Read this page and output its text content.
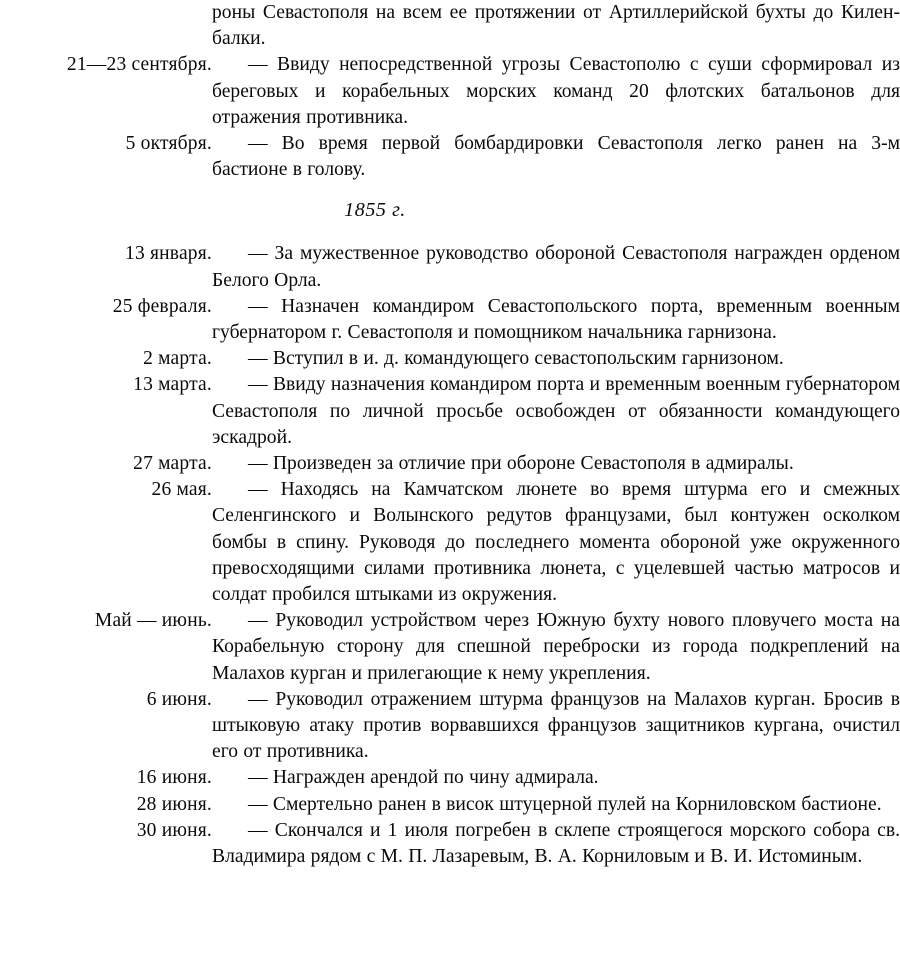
	роны Севастополя на всем ее протяжении от Артиллерийской бухты до Килен-балки.

21—23 сентября.	— Ввиду непосредственной угрозы Севастополю с суши сформировал из береговых и корабельных морских команд 20 флотских батальонов для отражения противника.

5 октября.	— Во время первой бомбардировки Севастополя легко ранен на 3-м бастионе в голову.

1855 г.	

13 января.	— За мужественное руководство обороной Севастополя награжден орденом Белого Орла.

25 февраля.	— Назначен командиром Севастопольского порта, временным военным губернатором г. Севастополя и помощником начальника гарнизона.

2 марта.	— Вступил в и. д. командующего севастопольским гарнизоном.

13 марта.	— Ввиду назначения командиром порта и временным военным губернатором Севастополя по личной просьбе освобожден от обязанности командующего эскадрой.

27 марта.	— Произведен за отличие при обороне Севастополя в адмиралы.

26 мая.	— Находясь на Камчатском люнете во время штурма его и смежных Селенгинского и Волынского редутов французами, был контужен осколком бомбы в спину. Руководя до последнего момента обороной уже окруженного превосходящими силами противника люнета, с уцелевшей частью матросов и солдат пробился штыками из окружения.

Май — июнь.	— Руководил устройством через Южную бухту нового пловучего моста на Корабельную сторону для спешной переброски из города подкреплений на Малахов курган и прилегающие к нему укрепления.

6 июня.	— Руководил отражением штурма французов на Малахов курган. Бросив в штыковую атаку против ворвавшихся французов защитников кургана, очистил его от противника.

16 июня.	— Награжден арендой по чину адмирала.

28 июня.	— Смертельно ранен в висок штуцерной пулей на Корниловском бастионе.

30 июня.	— Скончался и 1 июля погребен в склепе строящегося морского собора св. Владимира рядом с М. П. Лазаревым, В. А. Корниловым и В. И. Истоминым.
